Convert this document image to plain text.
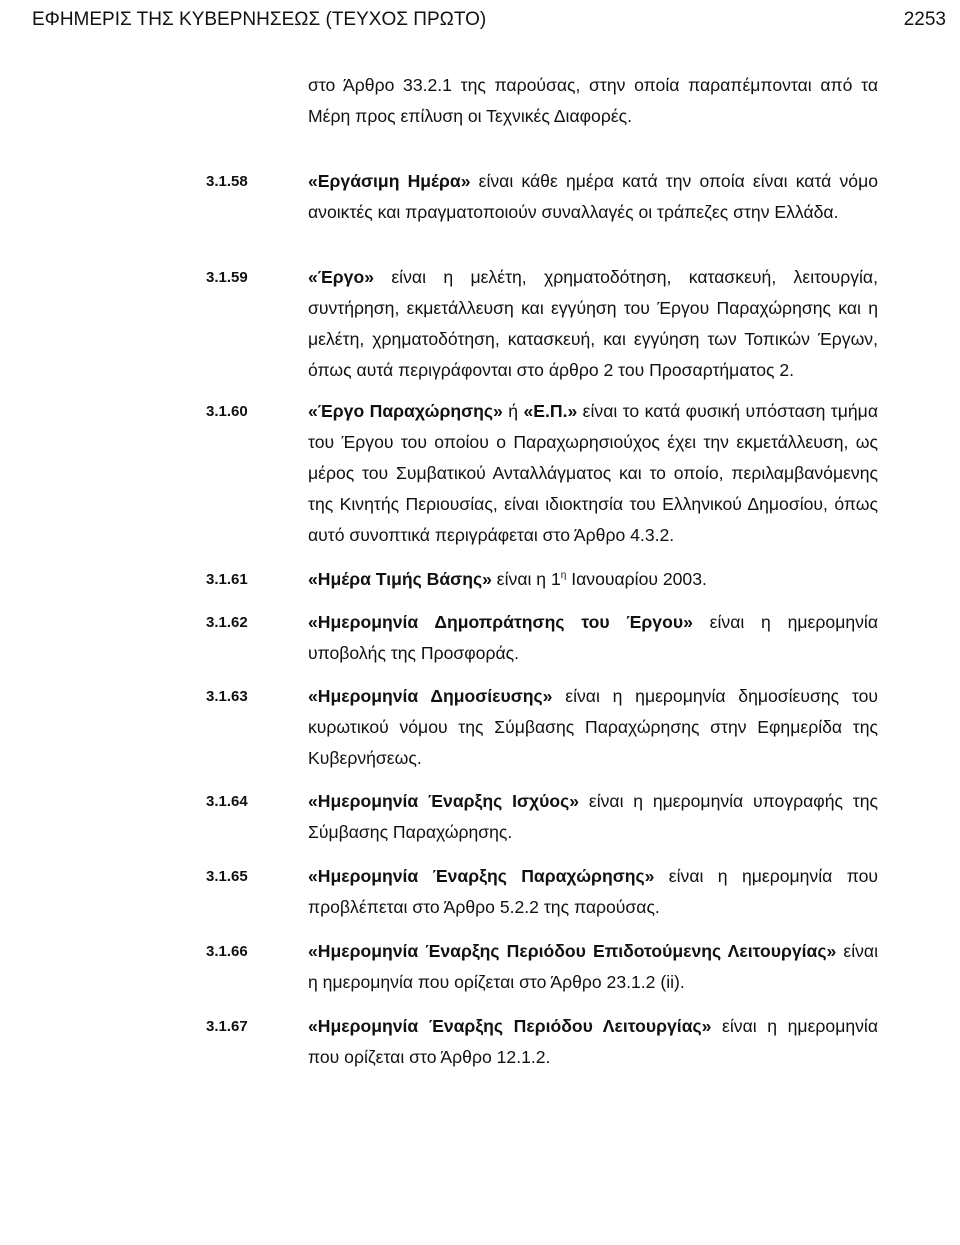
ΕΦΗΜΕΡΙΣ ΤΗΣ ΚΥΒΕΡΝΗΣΕΩΣ (ΤΕΥΧΟΣ ΠΡΩΤΟ)	2253
στο Άρθρο 33.2.1 της παρούσας, στην οποία παραπέμπονται από τα Μέρη προς επίλυση οι Τεχνικές Διαφορές.
3.1.58	«Εργάσιμη Ημέρα» είναι κάθε ημέρα κατά την οποία είναι κατά νόμο ανοικτές και πραγματοποιούν συναλλαγές οι τράπεζες στην Ελλάδα.
3.1.59	«Έργο» είναι η μελέτη, χρηματοδότηση, κατασκευή, λειτουργία, συντήρηση, εκμετάλλευση και εγγύηση του Έργου Παραχώρησης και η μελέτη, χρηματοδότηση, κατασκευή, και εγγύηση των Τοπικών Έργων, όπως αυτά περιγράφονται στο άρθρο 2 του Προσαρτήματος 2.
3.1.60	«Έργο Παραχώρησης» ή «Ε.Π.» είναι το κατά φυσική υπόσταση τμήμα του Έργου του οποίου ο Παραχωρησιούχος έχει την εκμετάλλευση, ως μέρος του Συμβατικού Ανταλλάγματος και το οποίο, περιλαμβανόμενης της Κινητής Περιουσίας, είναι ιδιοκτησία του Ελληνικού Δημοσίου, όπως αυτό συνοπτικά περιγράφεται στο Άρθρο 4.3.2.
3.1.61	«Ημέρα Τιμής Βάσης» είναι η $1^\eta$ Ιανουαρίου 2003.
3.1.62	«Ημερομηνία Δημοπράτησης του Έργου» είναι η ημερομηνία υποβολής της Προσφοράς.
3.1.63	«Ημερομηνία Δημοσίευσης» είναι η ημερομηνία δημοσίευσης του κυρωτικού νόμου της Σύμβασης Παραχώρησης στην Εφημερίδα της Κυβερνήσεως.
3.1.64	«Ημερομηνία Έναρξης Ισχύος» είναι η ημερομηνία υπογραφής της Σύμβασης Παραχώρησης.
3.1.65	«Ημερομηνία Έναρξης Παραχώρησης» είναι η ημερομηνία που προβλέπεται στο Άρθρο 5.2.2 της παρούσας.
3.1.66	«Ημερομηνία Έναρξης Περιόδου Επιδοτούμενης Λειτουργίας» είναι η ημερομηνία που ορίζεται στο Άρθρο 23.1.2 (ii).
3.1.67	«Ημερομηνία Έναρξης Περιόδου Λειτουργίας» είναι η ημερομηνία που ορίζεται στο Άρθρο 12.1.2.
